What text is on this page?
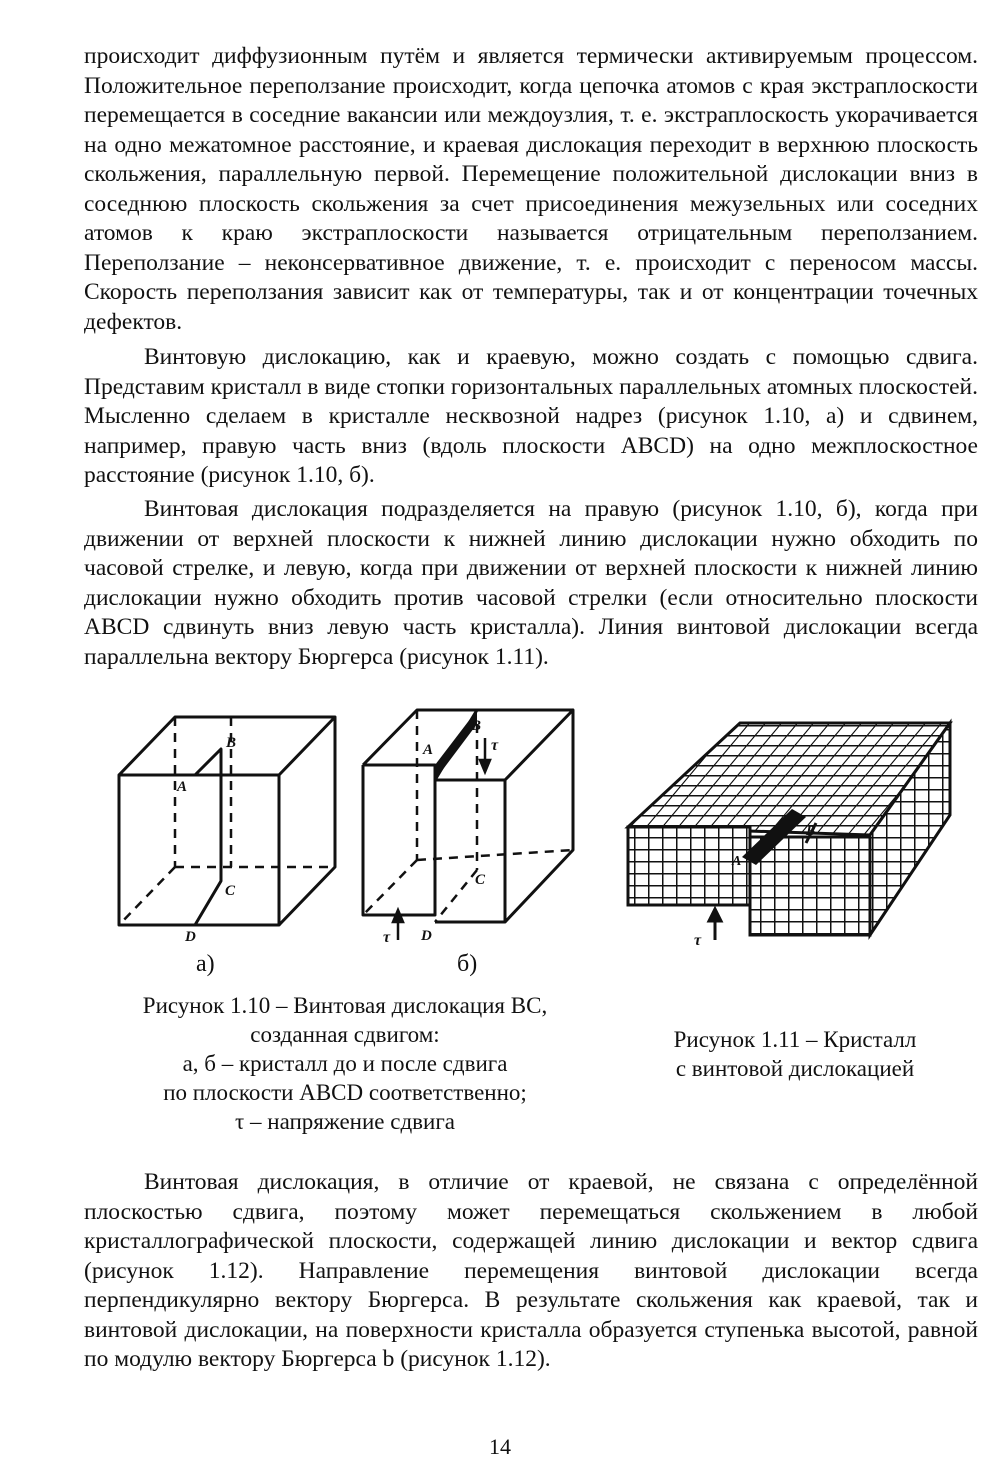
происходит диффузионным путём и является термически активируемым процессом. Положительное переползание происходит, когда цепочка атомов с края экстраплоскости перемещается в соседние вакансии или междоузлия, т. е. экстраплоскость укорачивается на одно межатомное расстояние, и краевая дислокация переходит в верхнюю плоскость скольжения, параллельную первой. Перемещение положительной дислокации вниз в соседнюю плоскость скольжения за счет присоединения межузельных или соседних атомов к краю экстраплоскости называется отрицательным переползанием. Переползание – неконсервативное движение, т. е. происходит с переносом массы. Скорость переползания зависит как от температуры, так и от концентрации точечных дефектов.

Винтовую дислокацию, как и краевую, можно создать с помощью сдвига. Представим кристалл в виде стопки горизонтальных параллельных атомных плоскостей. Мысленно сделаем в кристалле несквозной надрез (рисунок 1.10, а) и сдвинем, например, правую часть вниз (вдоль плоскости ABCD) на одно межплоскостное расстояние (рисунок 1.10, б).

Винтовая дислокация подразделяется на правую (рисунок 1.10, б), когда при движении от верхней плоскости к нижней линию дислокации нужно обходить по часовой стрелке, и левую, когда при движении от верхней плоскости к нижней линию дислокации нужно обходить против часовой стрелки (если относительно плоскости ABCD сдвинуть вниз левую часть кристалла). Линия винтовой дислокации всегда параллельна вектору Бюргерса (рисунок 1.11).

B
A
C
D
τ
τ
B
A
C
D
а)	б)
A
B
τ

Рисунок 1.10 – Винтовая дислокация BC,
созданная сдвигом:
а, б – кристалл до и после сдвига
по плоскости ABCD соответственно;
τ – напряжение сдвига

Рисунок 1.11 – Кристалл
с винтовой дислокацией

Винтовая дислокация, в отличие от краевой, не связана с определённой плоскостью сдвига, поэтому может перемещаться скольжением в любой кристаллографической плоскости, содержащей линию дислокации и вектор сдвига (рисунок 1.12). Направление перемещения винтовой дислокации всегда перпендикулярно вектору Бюргерса. В результате скольжения как краевой, так и винтовой дислокации, на поверхности кристалла образуется ступенька высотой, равной по модулю вектору Бюргерса b (рисунок 1.12).

14
